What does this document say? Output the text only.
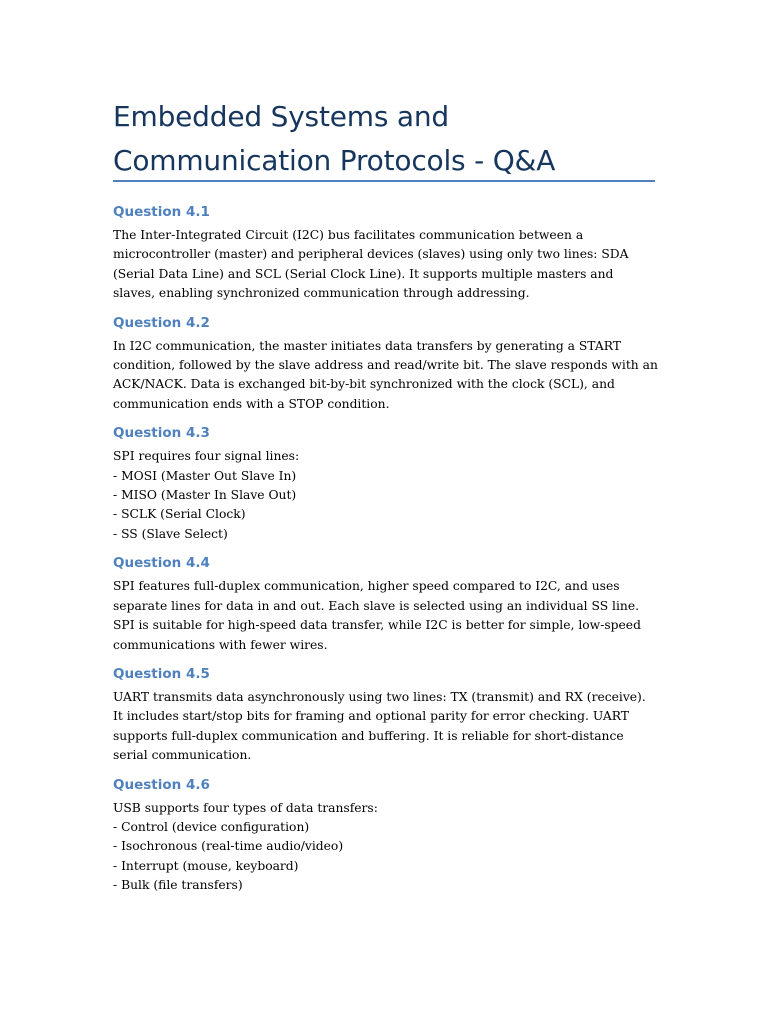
Embedded Systems and Communication Protocols - Q&A
Question 4.1

The Inter-Integrated Circuit (I2C) bus facilitates communication between a microcontroller (master) and peripheral devices (slaves) using only two lines: SDA (Serial Data Line) and SCL (Serial Clock Line). It supports multiple masters and slaves, enabling synchronized communication through addressing.

Question 4.2

In I2C communication, the master initiates data transfers by generating a START condition, followed by the slave address and read/write bit. The slave responds with an ACK/NACK. Data is exchanged bit-by-bit synchronized with the clock (SCL), and communication ends with a STOP condition.

Question 4.3

SPI requires four signal lines:
- MOSI (Master Out Slave In)
- MISO (Master In Slave Out)
- SCLK (Serial Clock)
- SS (Slave Select)

Question 4.4

SPI features full-duplex communication, higher speed compared to I2C, and uses separate lines for data in and out. Each slave is selected using an individual SS line. SPI is suitable for high-speed data transfer, while I2C is better for simple, low-speed communications with fewer wires.

Question 4.5

UART transmits data asynchronously using two lines: TX (transmit) and RX (receive). It includes start/stop bits for framing and optional parity for error checking. UART supports full-duplex communication and buffering. It is reliable for short-distance serial communication.

Question 4.6

USB supports four types of data transfers:
- Control (device configuration)
- Isochronous (real-time audio/video)
- Interrupt (mouse, keyboard)
- Bulk (file transfers)
